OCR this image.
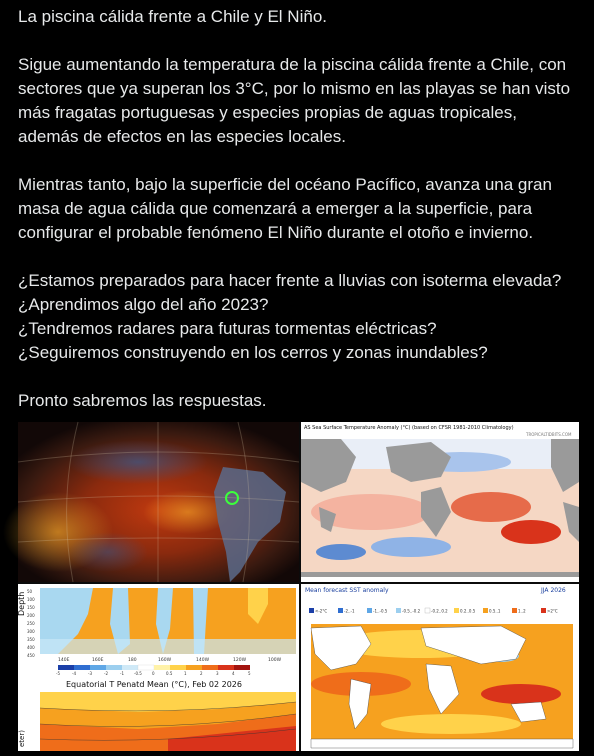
La piscina cálida frente a Chile y El Niño.

Sigue aumentando la temperatura de la piscina cálida frente a Chile, con

sectores que ya superan los 3°C, por lo mismo en las playas se han visto

más fragatas portuguesas y especies propias de aguas tropicales,

además de efectos en las especies locales.

Mientras tanto, bajo la superficie del océano Pacífico, avanza una gran

masa de agua cálida que comenzará a emerger a la superficie, para

configurar el probable fenómeno El Niño durante el otoño e invierno.

¿Estamos preparados para hacer frente a lluvias con isoterma elevada?

¿Aprendimos algo del año 2023?

¿Tendremos radares para futuras tormentas eléctricas?

¿Seguiremos construyendo en los cerros y zonas inundables?

Pronto sabremos las respuestas.

AS Sea Surface Temperature Anomaly (°C) (based on CFSR 1981-2010 Climatology)
TROPICALTIDBITS.COM
Depth
50
100
150
200
250
300
350
400
450
140E	160E	180	160W	140W	120W	100W
-5	-4	-3	-2	-1	-0.5	0	0.5	1	2	3	4	5
Equatorial T Penatd Mean (°C), Feb 02 2026
eter)
Mean forecast SST anomaly	JJA 2026
<-2°C	-2..-1	-1..-0.5	-0.5..-0.2	-0.2..0.2	0.2..0.5	0.5..1	1..2	>2°C
